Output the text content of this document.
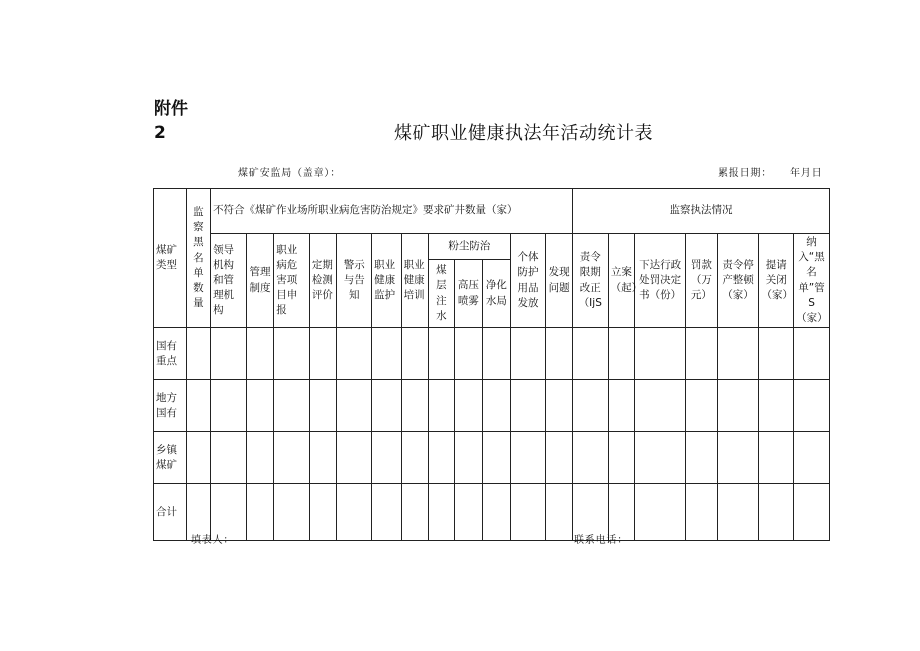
附件
2	煤矿职业健康执法年活动统计表
煤矿安监局（盖章）：	累报日期： 年月日
煤矿类型	监察黑名单数量	不符合《煤矿作业场所职业病危害防治规定》要求矿井数量（家）												监察执法情况						
		领导机构和管理机构	管理制度	职业病危害项目申报	定期检测评价	警示与告知	职业健康监护	职业健康培训	粉尘防治			个体防护用品发放	发现问题	责令限期改正（IjS	立案（起）	下达行政处罚决定书（份）	罚款（万元）	责令停产整顿（家）	提请关闭（家）	纳入“黑名单”管S（家）
									煤层注水	高压喷雾	净化水局									
国有重点																				
地方国有																				
乡镇煤矿																				
合计																				
填表人：	联系电话：
